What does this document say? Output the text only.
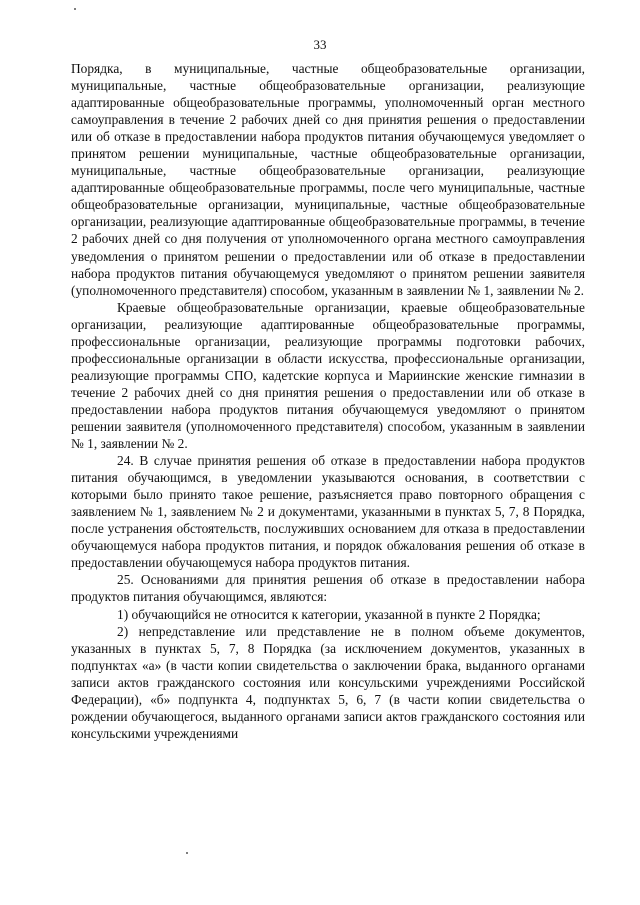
33

Порядка, в муниципальные, частные общеобразовательные организации, муниципальные, частные общеобразовательные организации, реализующие адаптированные общеобразовательные программы, уполномоченный орган местного самоуправления в течение 2 рабочих дней со дня принятия решения о предоставлении или об отказе в предоставлении набора продуктов питания обучающемуся уведомляет о принятом решении муниципальные, частные общеобразовательные организации, муниципальные, частные общеобразовательные организации, реализующие адаптированные общеобразовательные программы, после чего муниципальные, частные общеобразовательные организации, муниципальные, частные общеобразовательные организации, реализующие адаптированные общеобразовательные программы, в течение 2 рабочих дней со дня получения от уполномоченного органа местного самоуправления уведомления о принятом решении о предоставлении или об отказе в предоставлении набора продуктов питания обучающемуся уведомляют о принятом решении заявителя (уполномоченного представителя) способом, указанным в заявлении № 1, заявлении № 2.

Краевые общеобразовательные организации, краевые общеобразовательные организации, реализующие адаптированные общеобразовательные программы, профессиональные организации, реализующие программы подготовки рабочих, профессиональные организации в области искусства, профессиональные организации, реализующие программы СПО, кадетские корпуса и Мариинские женские гимназии в течение 2 рабочих дней со дня принятия решения о предоставлении или об отказе в предоставлении набора продуктов питания обучающемуся уведомляют о принятом решении заявителя (уполномоченного представителя) способом, указанным в заявлении № 1, заявлении № 2.

24. В случае принятия решения об отказе в предоставлении набора продуктов питания обучающимся, в уведомлении указываются основания, в соответствии с которыми было принято такое решение, разъясняется право повторного обращения с заявлением № 1, заявлением № 2 и документами, указанными в пунктах 5, 7, 8 Порядка, после устранения обстоятельств, послуживших основанием для отказа в предоставлении обучающемуся набора продуктов питания, и порядок обжалования решения об отказе в предоставлении обучающемуся набора продуктов питания.

25. Основаниями для принятия решения об отказе в предоставлении набора продуктов питания обучающимся, являются:

1) обучающийся не относится к категории, указанной в пункте 2 Порядка;

2) непредставление или представление не в полном объеме документов, указанных в пунктах 5, 7, 8 Порядка (за исключением документов, указанных в подпунктах «а» (в части копии свидетельства о заключении брака, выданного органами записи актов гражданского состояния или консульскими учреждениями Российской Федерации), «б» подпункта 4, подпунктах 5, 6, 7 (в части копии свидетельства о рождении обучающегося, выданного органами записи актов гражданского состояния или консульскими учреждениями
